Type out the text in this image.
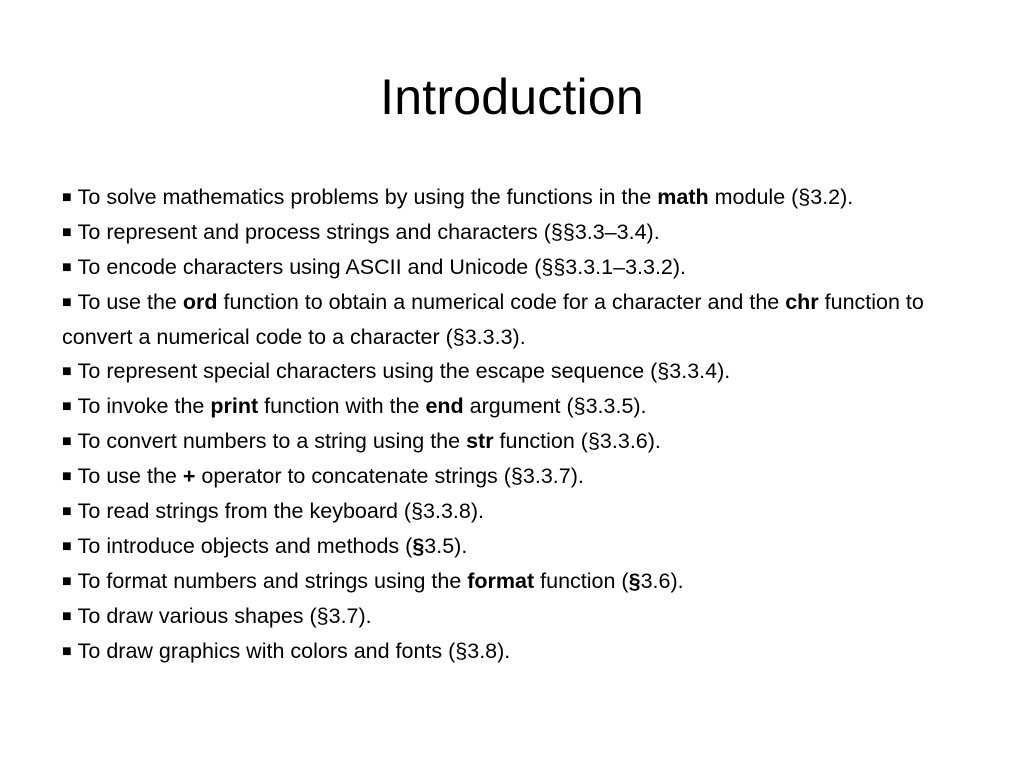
Introduction
■ To solve mathematics problems by using the functions in the math module (§3.2).
■ To represent and process strings and characters (§§3.3–3.4).
■ To encode characters using ASCII and Unicode (§§3.3.1–3.3.2).
■ To use the ord function to obtain a numerical code for a character and the chr function to convert a numerical code to a character (§3.3.3).
■ To represent special characters using the escape sequence (§3.3.4).
■ To invoke the print function with the end argument (§3.3.5).
■ To convert numbers to a string using the str function (§3.3.6).
■ To use the + operator to concatenate strings (§3.3.7).
■ To read strings from the keyboard (§3.3.8).
■ To introduce objects and methods (§3.5).
■ To format numbers and strings using the format function (§3.6).
■ To draw various shapes (§3.7).
■ To draw graphics with colors and fonts (§3.8).
